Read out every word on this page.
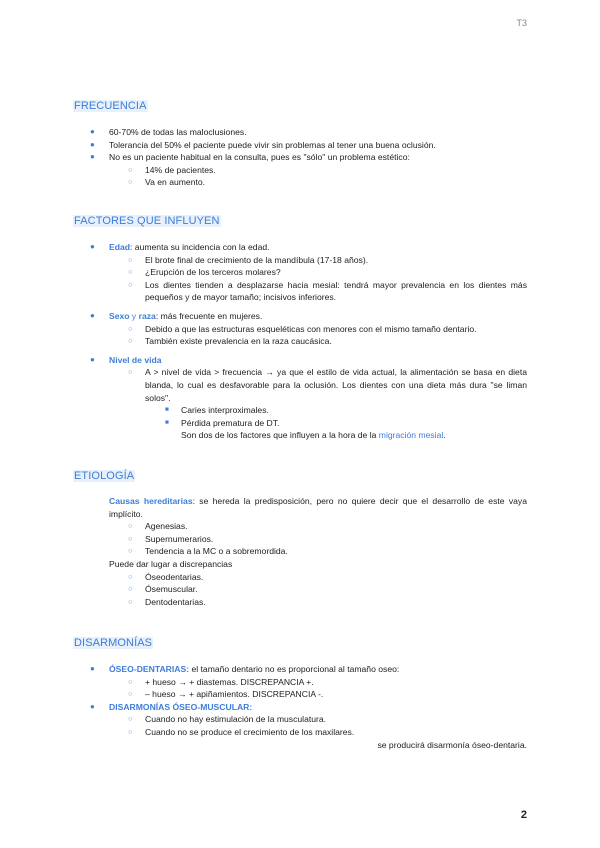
T3
FRECUENCIA
● 60-70% de todas las maloclusiones.
● Tolerancia del 50% el paciente puede vivir sin problemas al tener una buena oclusión.
● No es un paciente habitual en la consulta, pues es "sólo" un problema estético:
○ 14% de pacientes.
○ Va en aumento.
FACTORES QUE INFLUYEN
● Edad: aumenta su incidencia con la edad.
○ El brote final de crecimiento de la mandíbula (17-18 años).
○ ¿Erupción de los terceros molares?
○ Los dientes tienden a desplazarse hacia mesial: tendrá mayor prevalencia en los dientes más pequeños y de mayor tamaño; incisivos inferiores.
● Sexo y raza: más frecuente en mujeres.
○ Debido a que las estructuras esqueléticas con menores con el mismo tamaño dentario.
○ También existe prevalencia en la raza caucásica.
● Nivel de vida
○ A > nivel de vida > frecuencia → ya que el estilo de vida actual, la alimentación se basa en dieta blanda, lo cual es desfavorable para la oclusión. Los dientes con una dieta más dura "se liman solos".
■ Caries interproximales.
■ Pérdida prematura de DT.
Son dos de los factores que influyen a la hora de la migración mesial.
ETIOLOGÍA
Causas hereditarias: se hereda la predisposición, pero no quiere decir que el desarrollo de este vaya implícito.
○ Agenesias.
○ Supernumerarios.
○ Tendencia a la MC o a sobremordida.
Puede dar lugar a discrepancias
○ Óseodentarias.
○ Ósemuscular.
○ Dentodentarias.
DISARMONÍAS
● ÓSEO-DENTARIAS: el tamaño dentario no es proporcional al tamaño oseo:
○ + hueso → + diastemas. DISCREPANCIA +.
○ – hueso → + apiñamientos. DISCREPANCIA -.
● DISARMONÍAS ÓSEO-MUSCULAR:
○ Cuando no hay estimulación de la musculatura.
○ Cuando no se produce el crecimiento de los maxilares.
se producirá disarmonía óseo-dentaria.
2
